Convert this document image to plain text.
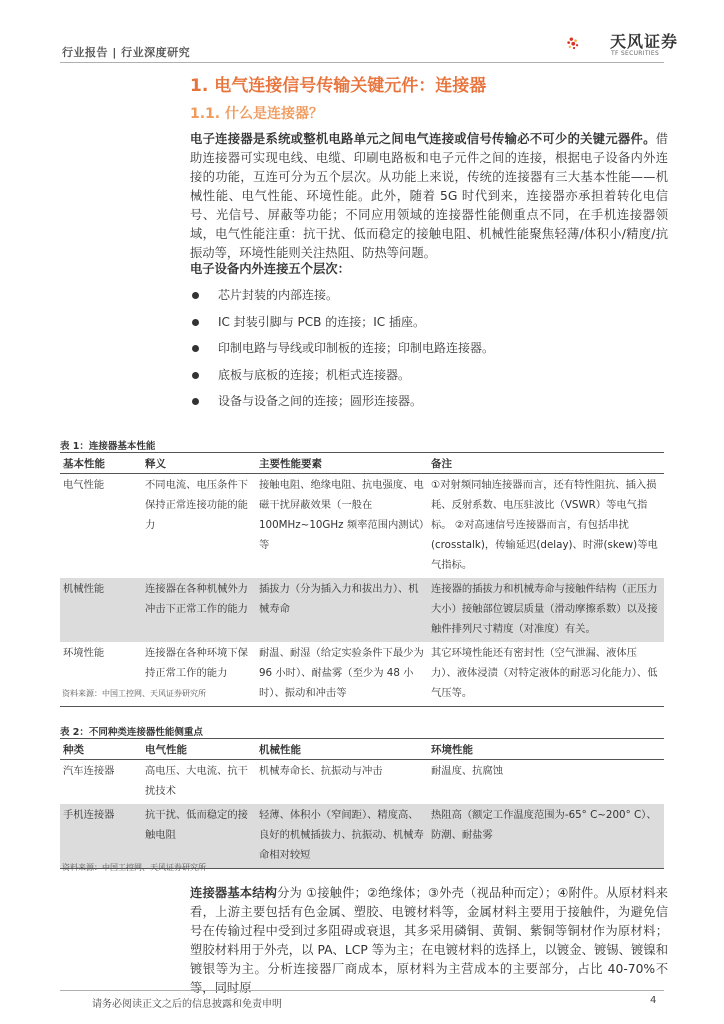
行业报告 | 行业深度研究
天风证券
TF SECURITIES
1. 电气连接信号传输关键元件：连接器
1.1. 什么是连接器？
电子连接器是系统或整机电路单元之间电气连接或信号传输必不可少的关键元器件。借助连接器可实现电线、电缆、印刷电路板和电子元件之间的连接，根据电子设备内外连接的功能，互连可分为五个层次。从功能上来说，传统的连接器有三大基本性能——机械性能、电气性能、环境性能。此外，随着 5G 时代到来，连接器亦承担着转化电信号、光信号、屏蔽等功能；不同应用领域的连接器性能侧重点不同，在手机连接器领域，电气性能注重：抗干扰、低而稳定的接触电阻、机械性能聚焦轻薄/体积小/精度/抗振动等，环境性能则关注热阻、防热等问题。
电子设备内外连接五个层次：
芯片封装的内部连接。
IC 封装引脚与 PCB 的连接；IC 插座。
印制电路与导线或印制板的连接；印制电路连接器。
底板与底板的连接；机柜式连接器。
设备与设备之间的连接；圆形连接器。
表 1：连接器基本性能
基本性能	释义	主要性能要素	备注
电气性能	不同电流、电压条件下保持正常连接功能的能力	接触电阻、绝缘电阻、抗电强度、电磁干扰屏蔽效果（一般在 100MHz~10GHz 频率范围内测试）等	①对射频同轴连接器而言，还有特性阻抗、插入损耗、反射系数、电压驻波比（VSWR）等电气指标。 ②对高速信号连接器而言，有包括串扰(crosstalk)，传输延迟(delay)、时滞(skew)等电气指标。
机械性能	连接器在各种机械外力冲击下正常工作的能力	插拔力（分为插入力和拔出力）、机械寿命	连接器的插拔力和机械寿命与接触件结构（正压力大小）接触部位镀层质量（滑动摩擦系数）以及接触件排列尺寸精度（对准度）有关。
环境性能	连接器在各种环境下保持正常工作的能力	耐温、耐湿（给定实验条件下最少为 96 小时）、耐盐雾（至少为 48 小时）、振动和冲击等	其它环境性能还有密封性（空气泄漏、液体压力）、液体浸渍（对特定液体的耐恶习化能力）、低气压等。
资料来源：中国工控网、天风证券研究所
表 2：不同种类连接器性能侧重点
种类	电气性能	机械性能	环境性能
汽车连接器	高电压、大电流、抗干扰技术	机械寿命长、抗振动与冲击	耐温度、抗腐蚀
手机连接器	抗干扰、低而稳定的接触电阻	轻薄、体积小（窄间距）、精度高、良好的机械插拔力、抗振动、机械寿命相对较短	热阻高（额定工作温度范围为-65° C~200° C）、防潮、耐盐雾
资料来源：中国工控网、天风证券研究所
连接器基本结构分为 ①接触件；②绝缘体；③外壳（视品种而定）；④附件。从原材料来看，上游主要包括有色金属、塑胶、电镀材料等，金属材料主要用于接触件，为避免信号在传输过程中受到过多阻碍或衰退，其多采用磷铜、黄铜、紫铜等铜材作为原材料；塑胶材料用于外壳，以 PA、LCP 等为主；在电镀材料的选择上，以镀金、镀锡、镀镍和镀银等为主。分析连接器厂商成本，原材料为主营成本的主要部分，占比 40-70%不等，同时原
请务必阅读正文之后的信息披露和免责申明	4
